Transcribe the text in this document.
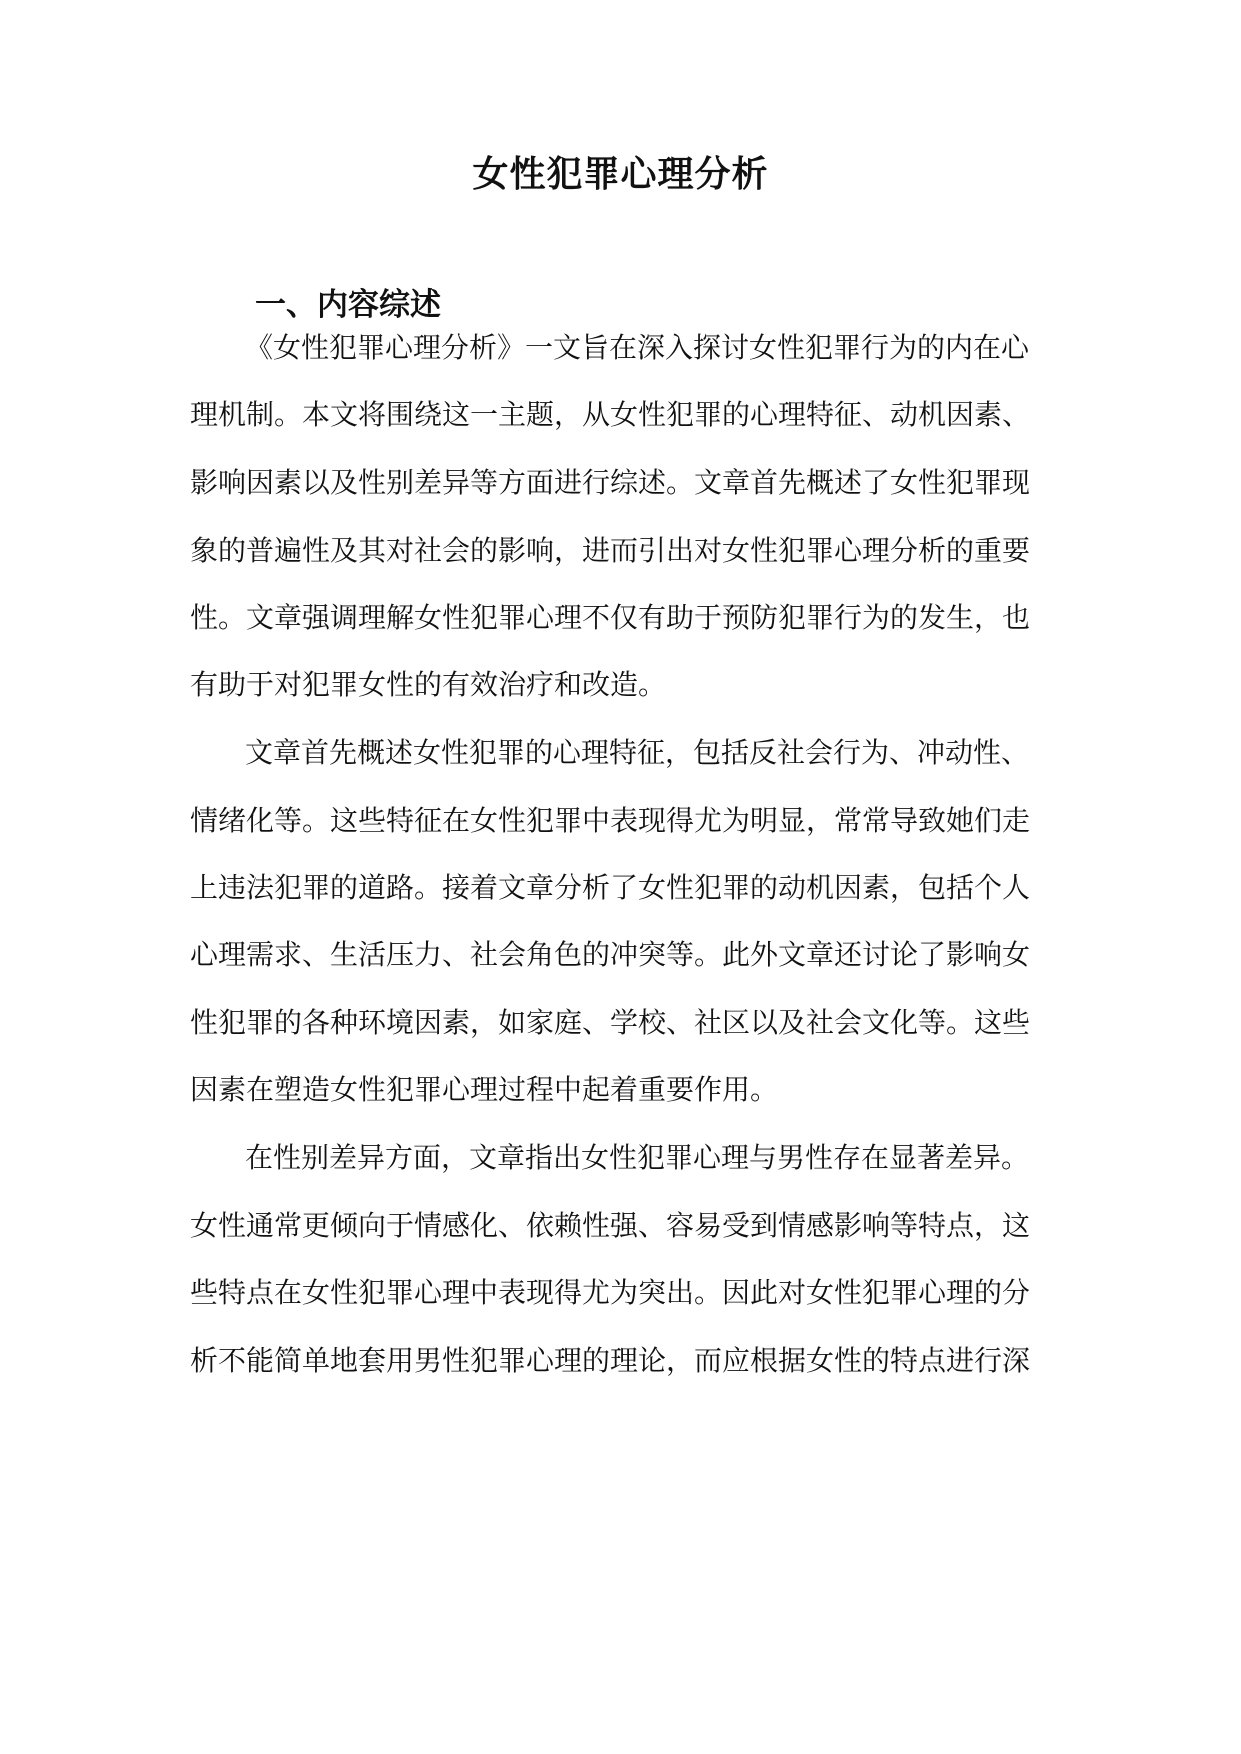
女性犯罪心理分析
一、内容综述

《女性犯罪心理分析》一文旨在深入探讨女性犯罪行为的内在心

理机制。本文将围绕这一主题，从女性犯罪的心理特征、动机因素、

影响因素以及性别差异等方面进行综述。文章首先概述了女性犯罪现

象的普遍性及其对社会的影响，进而引出对女性犯罪心理分析的重要

性。文章强调理解女性犯罪心理不仅有助于预防犯罪行为的发生，也

有助于对犯罪女性的有效治疗和改造。

文章首先概述女性犯罪的心理特征，包括反社会行为、冲动性、

情绪化等。这些特征在女性犯罪中表现得尤为明显，常常导致她们走

上违法犯罪的道路。接着文章分析了女性犯罪的动机因素，包括个人

心理需求、生活压力、社会角色的冲突等。此外文章还讨论了影响女

性犯罪的各种环境因素，如家庭、学校、社区以及社会文化等。这些

因素在塑造女性犯罪心理过程中起着重要作用。

在性别差异方面，文章指出女性犯罪心理与男性存在显著差异。

女性通常更倾向于情感化、依赖性强、容易受到情感影响等特点，这

些特点在女性犯罪心理中表现得尤为突出。因此对女性犯罪心理的分

析不能简单地套用男性犯罪心理的理论，而应根据女性的特点进行深
